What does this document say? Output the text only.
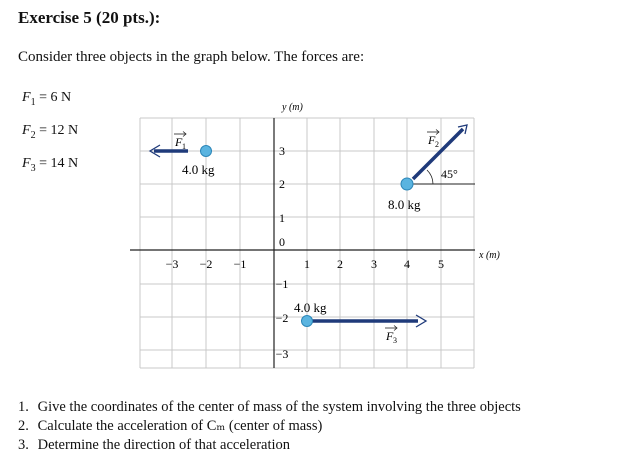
Exercise 5 (20 pts.):
Consider three objects in the graph below. The forces are:
$F_1 = 6$ N
$F_2 = 12$ N
$F_3 = 14$ N
y (m)
x (m)
−3 −2 −1	1 2 3 4 5
3
2
1
0
−1
−2
−3
4.0 kg
F 1
8.0 kg
45°
F 2
4.0 kg
F 3
1. Give the coordinates of the center of mass of the system involving the three objects
2. Calculate the acceleration of Cₘ (center of mass)
3. Determine the direction of that acceleration
